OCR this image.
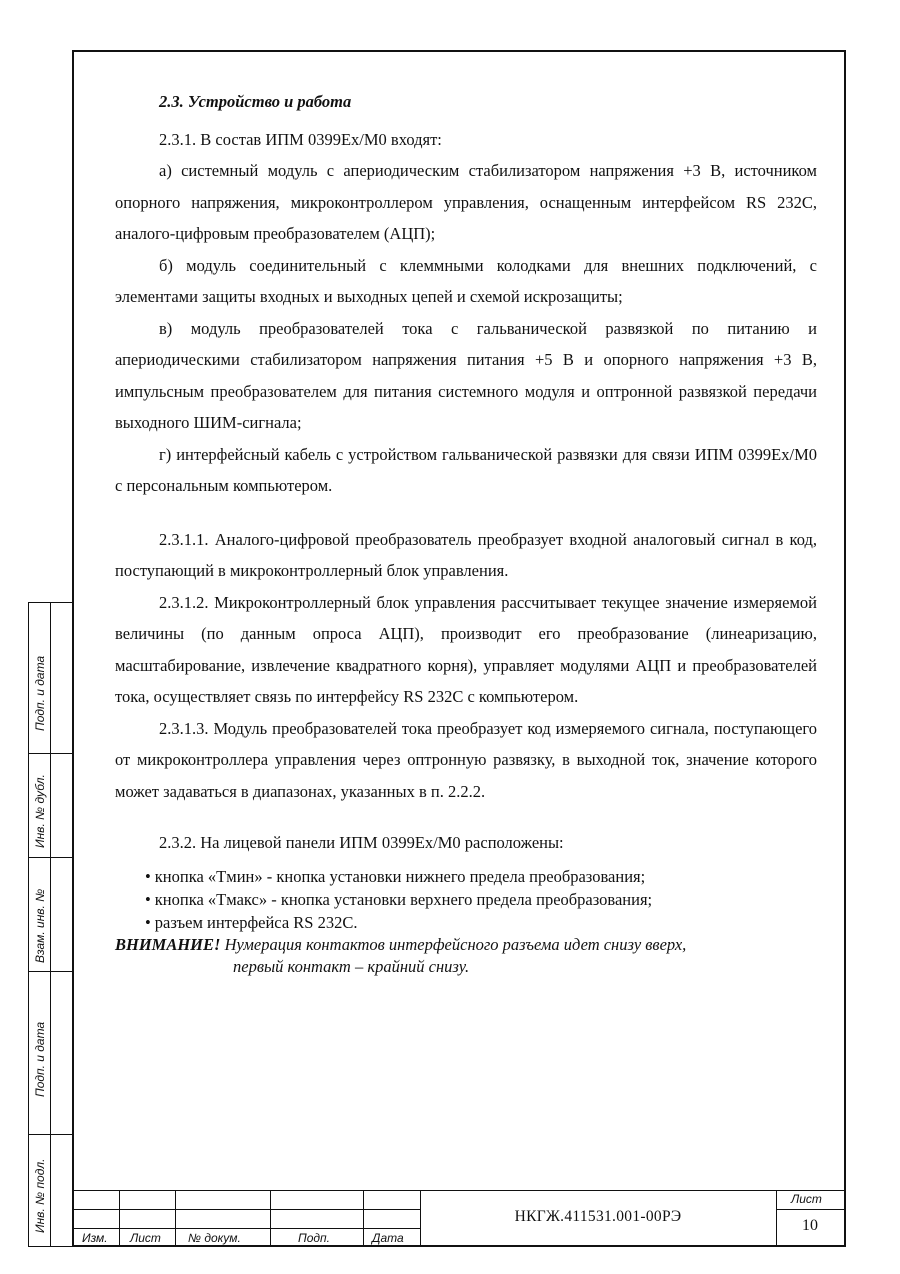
2.3. Устройство и работа

2.3.1. В состав ИПМ 0399Ex/М0 входят:

а) системный модуль с апериодическим стабилизатором напряжения +3 В, источником опорного напряжения, микроконтроллером управления, оснащенным интерфейсом RS 232C, аналого-цифровым преобразователем (АЦП);

б) модуль соединительный с клеммными колодками для внешних подключений, с элементами защиты входных и выходных цепей и схемой искрозащиты;

в) модуль преобразователей тока с гальванической развязкой по питанию и апериодическими стабилизатором напряжения питания +5 В и опорного напряжения +3 В, импульсным преобразователем для питания системного модуля и оптронной развязкой передачи выходного ШИМ-сигнала;

г) интерфейсный кабель с устройством гальванической развязки для связи ИПМ 0399Ex/М0 с персональным компьютером.

2.3.1.1. Аналого-цифровой преобразователь преобразует входной аналоговый сигнал в код, поступающий в микроконтроллерный блок управления.

2.3.1.2. Микроконтроллерный блок управления рассчитывает текущее значение измеряемой величины (по данным опроса АЦП), производит его преобразование (линеаризацию, масштабирование, извлечение квадратного корня), управляет модулями АЦП и преобразователей тока, осуществляет связь по интерфейсу RS 232C с компьютером.

2.3.1.3. Модуль преобразователей тока преобразует код измеряемого сигнала, поступающего от микроконтроллера управления через оптронную развязку, в выходной ток, значение которого может задаваться в диапазонах, указанных в п. 2.2.2.

2.3.2. На лицевой панели ИПМ 0399Ex/М0 расположены:

• кнопка «Tмин» - кнопка установки нижнего предела преобразования;
• кнопка «Tмакс» - кнопка установки верхнего предела преобразования;
• разъем интерфейса RS 232C.

ВНИМАНИЕ! Нумерация контактов интерфейсного разъема идет снизу вверх,
первый контакт – крайний снизу.

Подп. и дата
Инв. № дубл.
Взам. инв. №
Подп. и дата
Инв. № подл.
Изм. Лист № докум.	Подп.	Дата
НКГЖ.411531.001-00РЭ
Лист
10
